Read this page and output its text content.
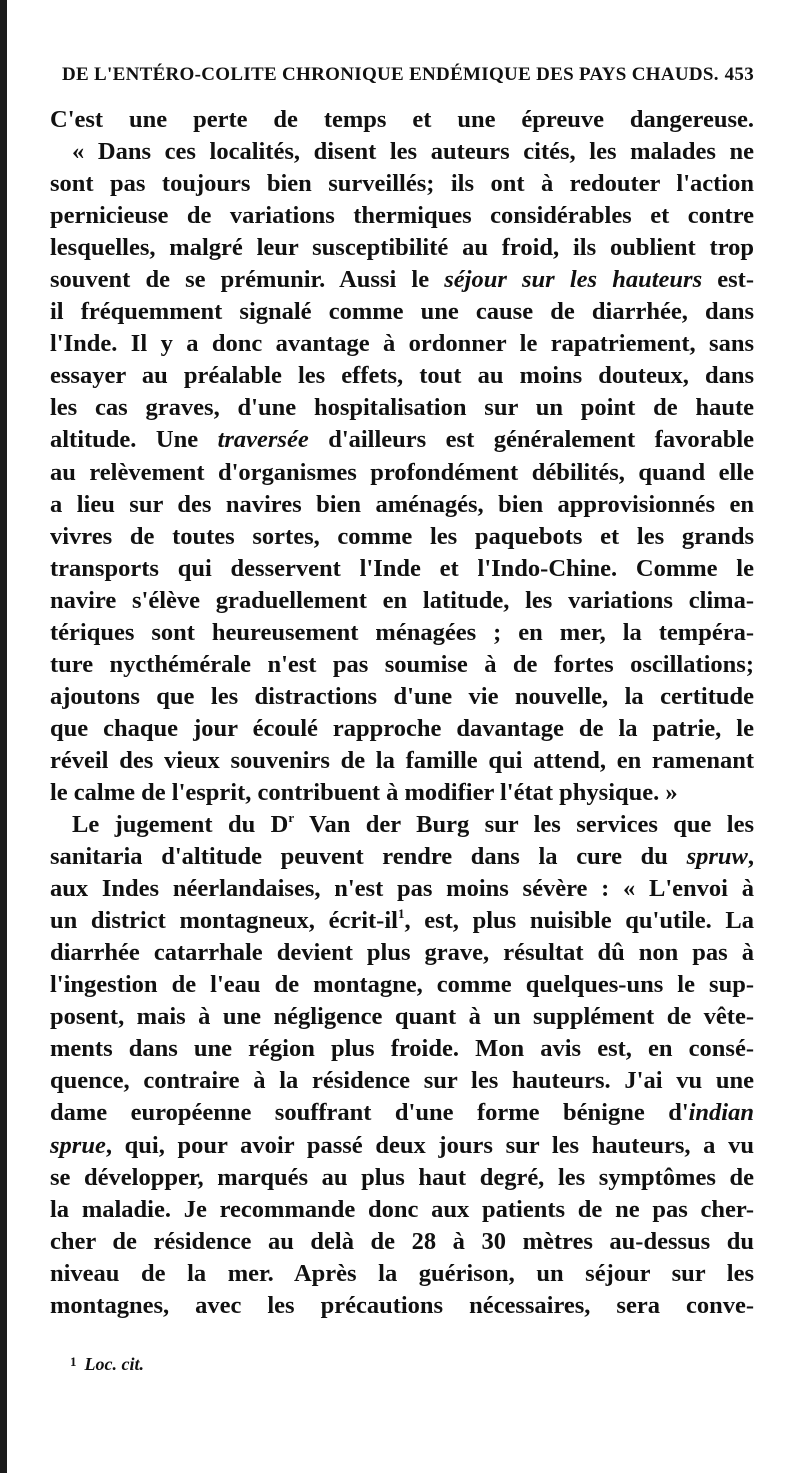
DE L'ENTÉRO-COLITE CHRONIQUE ENDÉMIQUE DES PAYS CHAUDS. 453
C'est une perte de temps et une épreuve dangereuse.
« Dans ces localités, disent les auteurs cités, les malades ne
sont pas toujours bien surveillés; ils ont à redouter l'action
pernicieuse de variations thermiques considérables et contre
lesquelles, malgré leur susceptibilité au froid, ils oublient trop
souvent de se prémunir. Aussi le séjour sur les hauteurs est-
il fréquemment signalé comme une cause de diarrhée, dans
l'Inde. Il y a donc avantage à ordonner le rapatriement, sans
essayer au préalable les effets, tout au moins douteux, dans
les cas graves, d'une hospitalisation sur un point de haute
altitude. Une traversée d'ailleurs est généralement favorable
au relèvement d'organismes profondément débilités, quand elle
a lieu sur des navires bien aménagés, bien approvisionnés en
vivres de toutes sortes, comme les paquebots et les grands
transports qui desservent l'Inde et l'Indo-Chine. Comme le
navire s'élève graduellement en latitude, les variations clima-
tériques sont heureusement ménagées ; en mer, la tempéra-
ture nycthémérale n'est pas soumise à de fortes oscillations;
ajoutons que les distractions d'une vie nouvelle, la certitude
que chaque jour écoulé rapproche davantage de la patrie, le
réveil des vieux souvenirs de la famille qui attend, en ramenant
le calme de l'esprit, contribuent à modifier l'état physique. »
Le jugement du $D^r$ Van der Burg sur les services que les
sanitaria d'altitude peuvent rendre dans la cure du spruw,
aux Indes néerlandaises, n'est pas moins sévère : « L'envoi à
un district montagneux, écrit-$il^1$, est, plus nuisible qu'utile. La
diarrhée catarrhale devient plus grave, résultat dû non pas à
l'ingestion de l'eau de montagne, comme quelques-uns le sup-
posent, mais à une négligence quant à un supplément de vête-
ments dans une région plus froide. Mon avis est, en consé-
quence, contraire à la résidence sur les hauteurs. J'ai vu une
dame européenne souffrant d'une forme bénigne d'indian
sprue, qui, pour avoir passé deux jours sur les hauteurs, a vu
se développer, marqués au plus haut degré, les symptômes de
la maladie. Je recommande donc aux patients de ne pas cher-
cher de résidence au delà de 28 à 30 mètres au-dessus du
niveau de la mer. Après la guérison, un séjour sur les
montagnes, avec les précautions nécessaires, sera conve-
$^1$ Loc. cit.
